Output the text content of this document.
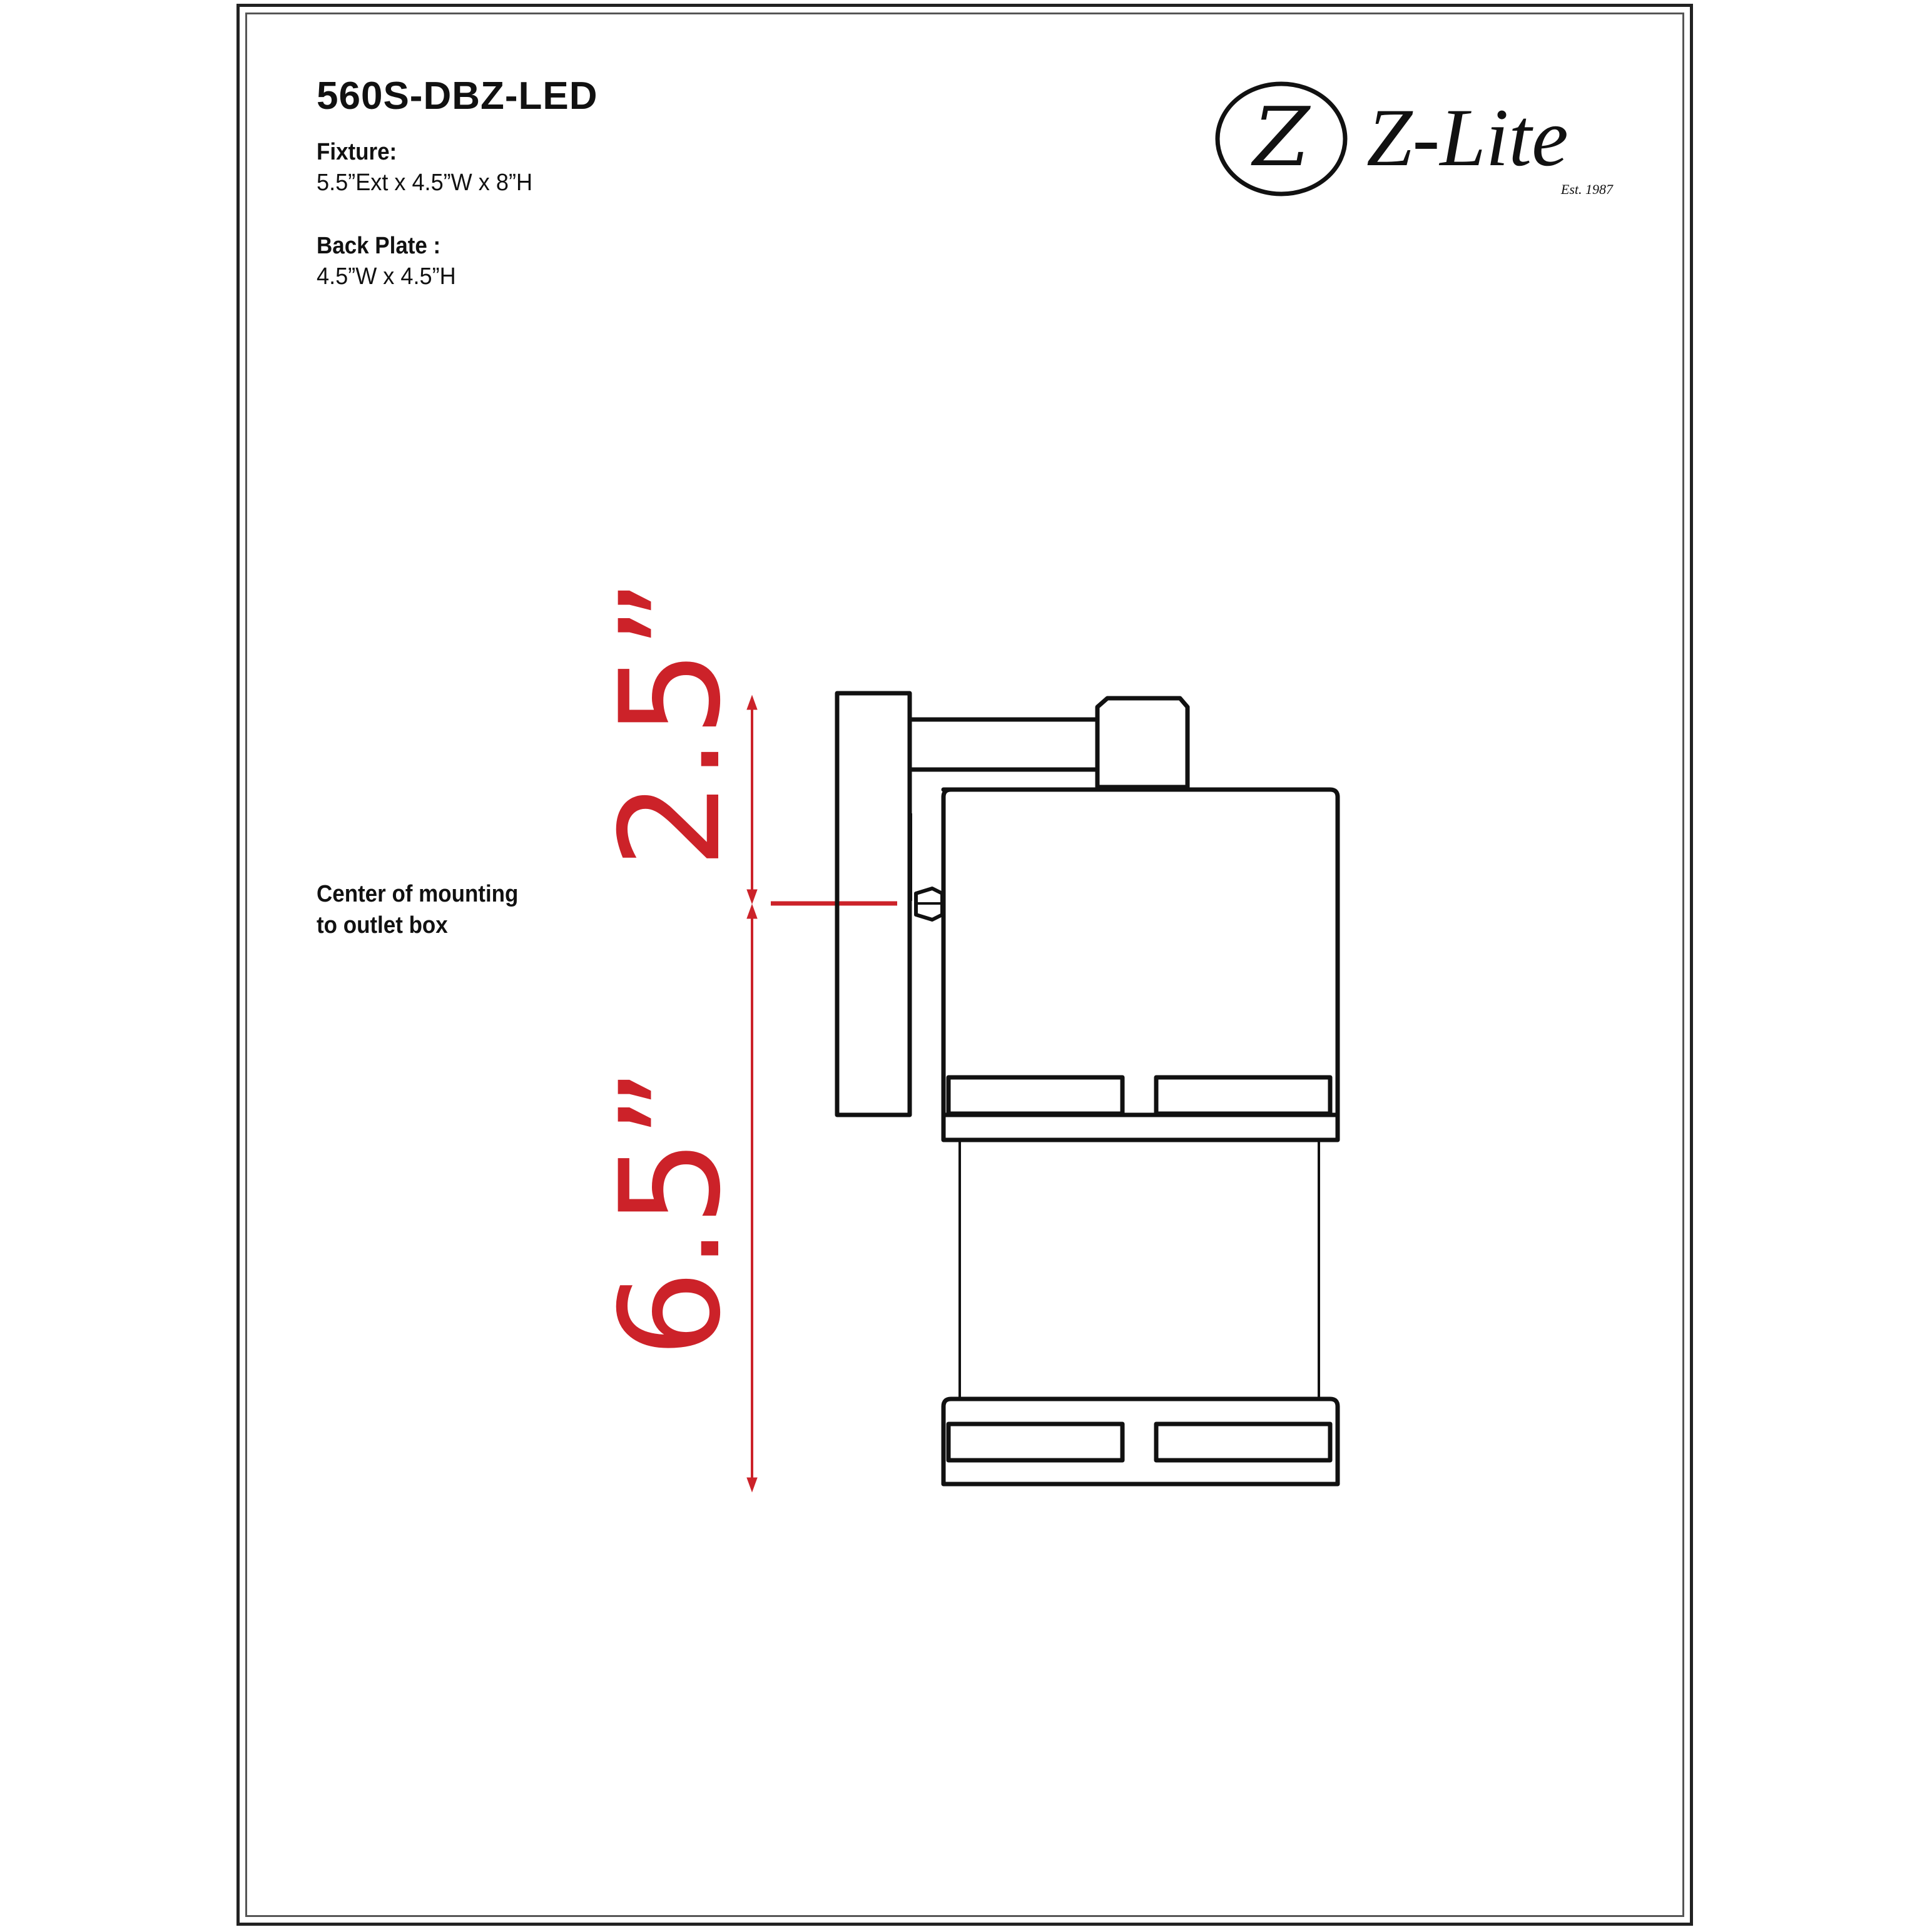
560S-DBZ-LED
Fixture:
5.5”Ext x 4.5”W x 8”H
Back Plate :
4.5”W x 4.5”H
Center of mounting
to outlet box
Z Z-Lite
Est. 1987
2.5”
6.5”
